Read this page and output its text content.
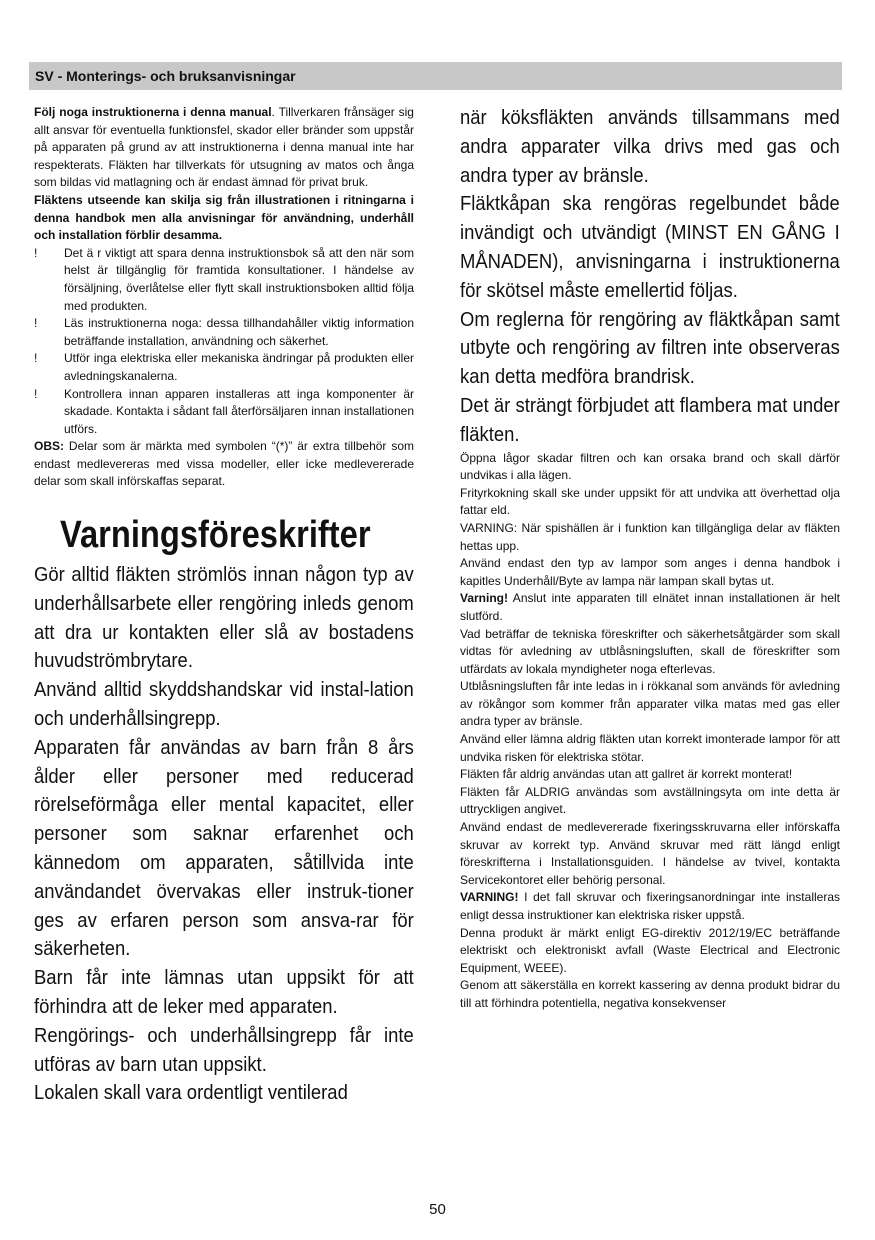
SV - Monterings- och bruksanvisningar

Följ noga instruktionerna i denna manual. Tillverkaren frånsäger sig allt ansvar för eventuella funktionsfel, skador eller bränder som uppstår på apparaten på grund av att instruktionerna i denna manual inte har respekterats. Fläkten har tillverkats för utsugning av matos och ånga som bildas vid matlagning och är endast ämnad för privat bruk.

Fläktens utseende kan skilja sig från illustrationen i ritningarna i denna handbok men alla anvisningar för användning, underhåll och installation förblir desamma.

!	Det ä r viktigt att spara denna instruktionsbok så att den när som helst är tillgänglig för framtida konsultationer. I händelse av försäljning, överlåtelse eller flytt skall instruktionsboken alltid följa med produkten.
!	Läs instruktionerna noga: dessa tillhandahåller viktig information beträffande installation, användning och säkerhet.
!	Utför inga elektriska eller mekaniska ändringar på produkten eller avledningskanalerna.
!	Kontrollera innan apparen installeras att inga komponenter är skadade. Kontakta i sådant fall återförsäljaren innan installationen utförs.

OBS: Delar som är märkta med symbolen “(*)” är extra tillbehör som endast medlevereras med vissa modeller, eller icke medlevererade delar som skall införskaffas separat.

Varningsföreskrifter

Gör alltid fläkten strömlös innan någon typ av underhållsarbete eller rengöring inleds genom att dra ur kontakten eller slå av bostadens huvudströmbrytare.

Använd alltid skyddshandskar vid instal-lation och underhållsingrepp.

Apparaten får användas av barn från 8 års ålder eller personer med reducerad rörelseförmåga eller mental kapacitet, eller personer som saknar erfarenhet och kännedom om apparaten, såtillvida inte användandet övervakas eller instruk-tioner ges av erfaren person som ansva-rar för säkerheten.

Barn får inte lämnas utan uppsikt för att förhindra att de leker med apparaten.

Rengörings- och underhållsingrepp får inte utföras av barn utan uppsikt.

Lokalen skall vara ordentligt ventilerad

när köksfläkten används tillsammans med andra apparater vilka drivs med gas och andra typer av bränsle.

Fläktkåpan ska rengöras regelbundet både invändigt och utvändigt (MINST EN GÅNG I MÅNADEN), anvisningarna i instruktionerna för skötsel måste emellertid följas.

Om reglerna för rengöring av fläktkåpan samt utbyte och rengöring av filtren inte observeras kan detta medföra brandrisk.

Det är strängt förbjudet att flambera mat under fläkten.

Öppna lågor skadar filtren och kan orsaka brand och skall därför undvikas i alla lägen.

Frityrkokning skall ske under uppsikt för att undvika att överhettad olja fattar eld.

VARNING: När spishällen är i funktion kan tillgängliga delar av fläkten hettas upp.

Använd endast den typ av lampor som anges i denna handbok i kapitles Underhåll/Byte av lampa när lampan skall bytas ut.

Varning! Anslut inte apparaten till elnätet innan installationen är helt slutförd.

Vad beträffar de tekniska föreskrifter och säkerhetsåtgärder som skall vidtas för avledning av utblåsningsluften, skall de föreskrifter som utfärdats av lokala myndigheter noga efterlevas.

Utblåsningsluften får inte ledas in i rökkanal som används för avledning av rökångor som kommer från apparater vilka matas med gas eller andra typer av bränsle.

Använd eller lämna aldrig fläkten utan korrekt imonterade lampor för att undvika risken för elektriska stötar.

Fläkten får aldrig användas utan att gallret är korrekt monterat!

Fläkten får ALDRIG användas som avställningsyta om inte detta är uttryckligen angivet.

Använd endast de medlevererade fixeringsskruvarna eller införskaffa skruvar av korrekt typ. Använd skruvar med rätt längd enligt föreskrifterna i Installationsguiden. I händelse av tvivel, kontakta Servicekontoret eller behörig personal.

VARNING! I det fall skruvar och fixeringsanordningar inte installeras enligt dessa instruktioner kan elektriska risker uppstå.

Denna produkt är märkt enligt EG-direktiv 2012/19/EC beträffande elektriskt och elektroniskt avfall (Waste Electrical and Electronic Equipment, WEEE).

Genom att säkerställa en korrekt kassering av denna produkt bidrar du till att förhindra potentiella, negativa konsekvenser

50
